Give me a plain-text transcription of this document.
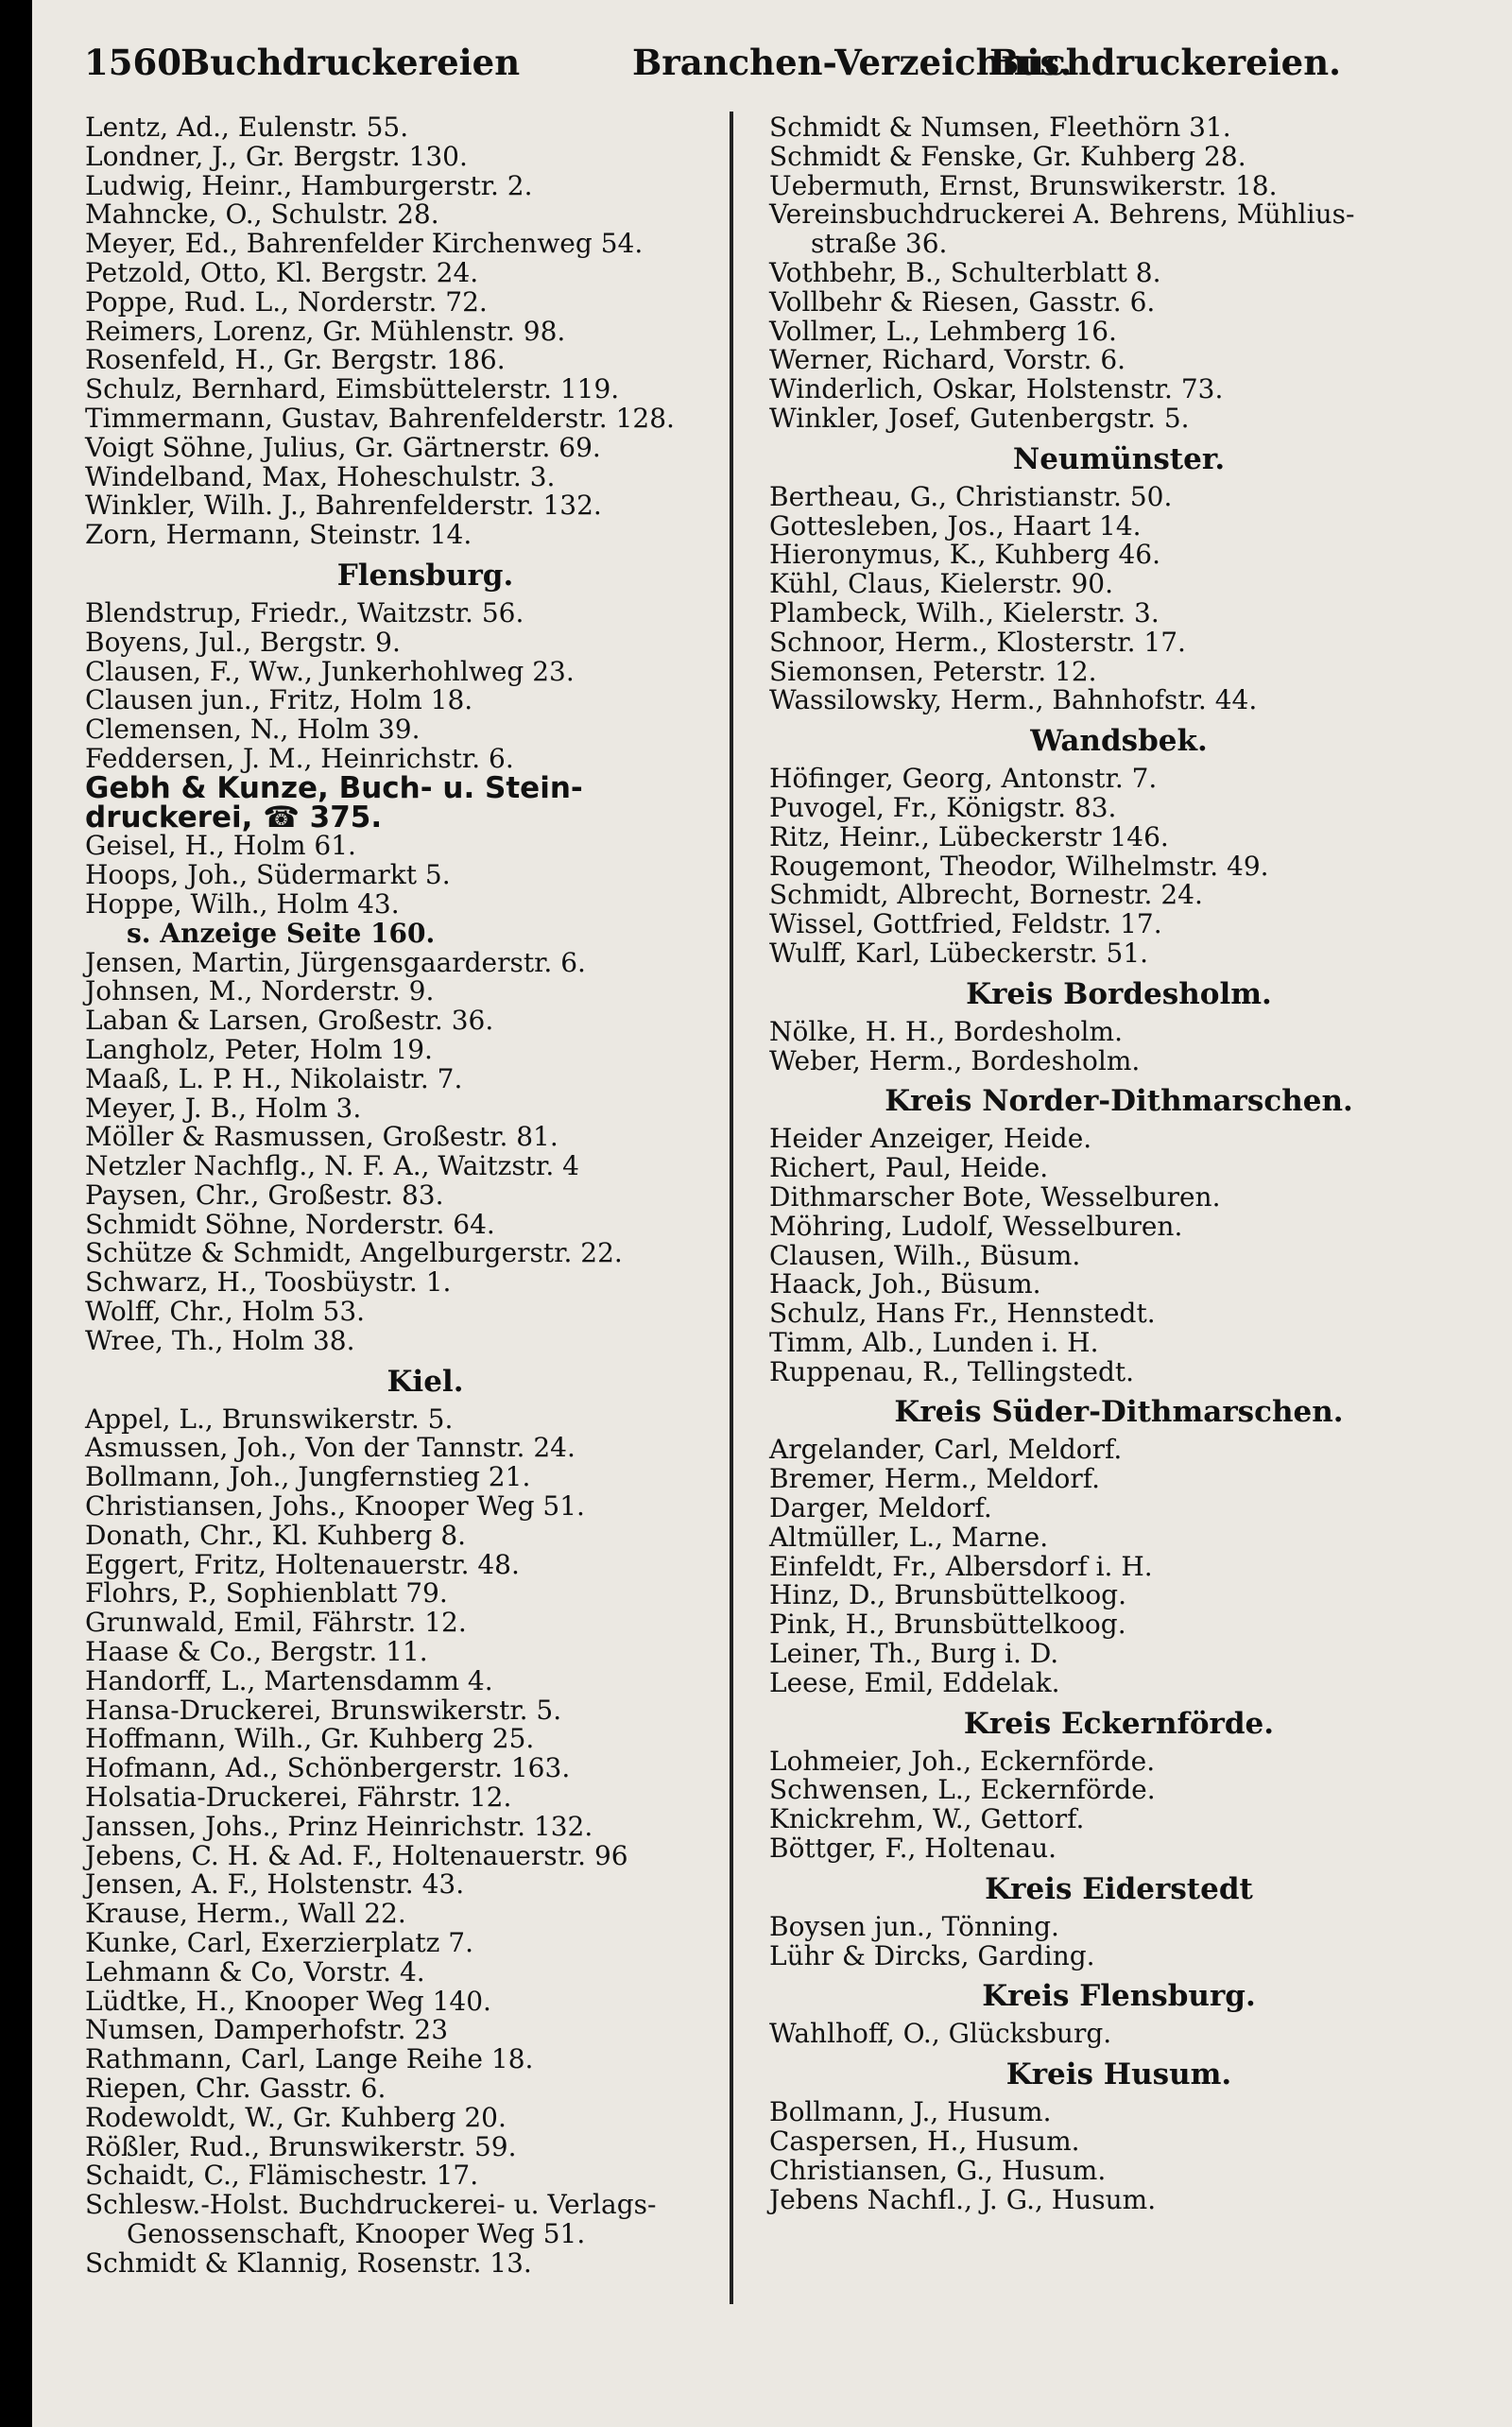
1560 Buchdruckereien	Branchen-Verzeichnis.
Buchdruckereien.
Lentz, Ad., Eulenstr. 55.
Londner, J., Gr. Bergstr. 130.
Ludwig, Heinr., Hamburgerstr. 2.
Mahncke, O., Schulstr. 28.
Meyer, Ed., Bahrenfelder Kirchenweg 54.
Petzold, Otto, Kl. Bergstr. 24.
Poppe, Rud. L., Norderstr. 72.
Reimers, Lorenz, Gr. Mühlenstr. 98.
Rosenfeld, H., Gr. Bergstr. 186.
Schulz, Bernhard, Eimsbüttelerstr. 119.
Timmermann, Gustav, Bahrenfelderstr. 128.
Voigt Söhne, Julius, Gr. Gärtnerstr. 69.
Windelband, Max, Hoheschulstr. 3.
Winkler, Wilh. J., Bahrenfelderstr. 132.
Zorn, Hermann, Steinstr. 14.
Flensburg.
Blendstrup, Friedr., Waitzstr. 56.
Boyens, Jul., Bergstr. 9.
Clausen, F., Ww., Junkerhohlweg 23.
Clausen jun., Fritz, Holm 18.
Clemensen, N., Holm 39.
Feddersen, J. M., Heinrichstr. 6.
Gebh & Kunze, Buch- u. Stein-
druckerei, ☎ 375.
Geisel, H., Holm 61.
Hoops, Joh., Südermarkt 5.
Hoppe, Wilh., Holm 43.
s. Anzeige Seite 160.
Jensen, Martin, Jürgensgaarderstr. 6.
Johnsen, M., Norderstr. 9.
Laban & Larsen, Großestr. 36.
Langholz, Peter, Holm 19.
Maaß, L. P. H., Nikolaistr. 7.
Meyer, J. B., Holm 3.
Möller & Rasmussen, Großestr. 81.
Netzler Nachflg., N. F. A., Waitzstr. 4
Paysen, Chr., Großestr. 83.
Schmidt Söhne, Norderstr. 64.
Schütze & Schmidt, Angelburgerstr. 22.
Schwarz, H., Toosbüystr. 1.
Wolff, Chr., Holm 53.
Wree, Th., Holm 38.
Kiel.
Appel, L., Brunswikerstr. 5.
Asmussen, Joh., Von der Tannstr. 24.
Bollmann, Joh., Jungfernstieg 21.
Christiansen, Johs., Knooper Weg 51.
Donath, Chr., Kl. Kuhberg 8.
Eggert, Fritz, Holtenauerstr. 48.
Flohrs, P., Sophienblatt 79.
Grunwald, Emil, Fährstr. 12.
Haase & Co., Bergstr. 11.
Handorff, L., Martensdamm 4.
Hansa-Druckerei, Brunswikerstr. 5.
Hoffmann, Wilh., Gr. Kuhberg 25.
Hofmann, Ad., Schönbergerstr. 163.
Holsatia-Druckerei, Fährstr. 12.
Janssen, Johs., Prinz Heinrichstr. 132.
Jebens, C. H. & Ad. F., Holtenauerstr. 96
Jensen, A. F., Holstenstr. 43.
Krause, Herm., Wall 22.
Kunke, Carl, Exerzierplatz 7.
Lehmann & Co, Vorstr. 4.
Lüdtke, H., Knooper Weg 140.
Numsen, Damperhofstr. 23
Rathmann, Carl, Lange Reihe 18.
Riepen, Chr. Gasstr. 6.
Rodewoldt, W., Gr. Kuhberg 20.
Rößler, Rud., Brunswikerstr. 59.
Schaidt, C., Flämischestr. 17.
Schlesw.-Holst. Buchdruckerei- u. Verlags-
Genossenschaft, Knooper Weg 51.
Schmidt & Klannig, Rosenstr. 13.
Schmidt & Numsen, Fleethörn 31.
Schmidt & Fenske, Gr. Kuhberg 28.
Uebermuth, Ernst, Brunswikerstr. 18.
Vereinsbuchdruckerei A. Behrens, Mühlius-
straße 36.
Vothbehr, B., Schulterblatt 8.
Vollbehr & Riesen, Gasstr. 6.
Vollmer, L., Lehmberg 16.
Werner, Richard, Vorstr. 6.
Winderlich, Oskar, Holstenstr. 73.
Winkler, Josef, Gutenbergstr. 5.
Neumünster.
Bertheau, G., Christianstr. 50.
Gottesleben, Jos., Haart 14.
Hieronymus, K., Kuhberg 46.
Kühl, Claus, Kielerstr. 90.
Plambeck, Wilh., Kielerstr. 3.
Schnoor, Herm., Klosterstr. 17.
Siemonsen, Peterstr. 12.
Wassilowsky, Herm., Bahnhofstr. 44.
Wandsbek.
Höfinger, Georg, Antonstr. 7.
Puvogel, Fr., Königstr. 83.
Ritz, Heinr., Lübeckerstr 146.
Rougemont, Theodor, Wilhelmstr. 49.
Schmidt, Albrecht, Bornestr. 24.
Wissel, Gottfried, Feldstr. 17.
Wulff, Karl, Lübeckerstr. 51.
Kreis Bordesholm.
Nölke, H. H., Bordesholm.
Weber, Herm., Bordesholm.
Kreis Norder-Dithmarschen.
Heider Anzeiger, Heide.
Richert, Paul, Heide.
Dithmarscher Bote, Wesselburen.
Möhring, Ludolf, Wesselburen.
Clausen, Wilh., Büsum.
Haack, Joh., Büsum.
Schulz, Hans Fr., Hennstedt.
Timm, Alb., Lunden i. H.
Ruppenau, R., Tellingstedt.
Kreis Süder-Dithmarschen.
Argelander, Carl, Meldorf.
Bremer, Herm., Meldorf.
Darger, Meldorf.
Altmüller, L., Marne.
Einfeldt, Fr., Albersdorf i. H.
Hinz, D., Brunsbüttelkoog.
Pink, H., Brunsbüttelkoog.
Leiner, Th., Burg i. D.
Leese, Emil, Eddelak.
Kreis Eckernförde.
Lohmeier, Joh., Eckernförde.
Schwensen, L., Eckernförde.
Knickrehm, W., Gettorf.
Böttger, F., Holtenau.
Kreis Eiderstedt
Boysen jun., Tönning.
Lühr & Dircks, Garding.
Kreis Flensburg.
Wahlhoff, O., Glücksburg.
Kreis Husum.
Bollmann, J., Husum.
Caspersen, H., Husum.
Christiansen, G., Husum.
Jebens Nachfl., J. G., Husum.
